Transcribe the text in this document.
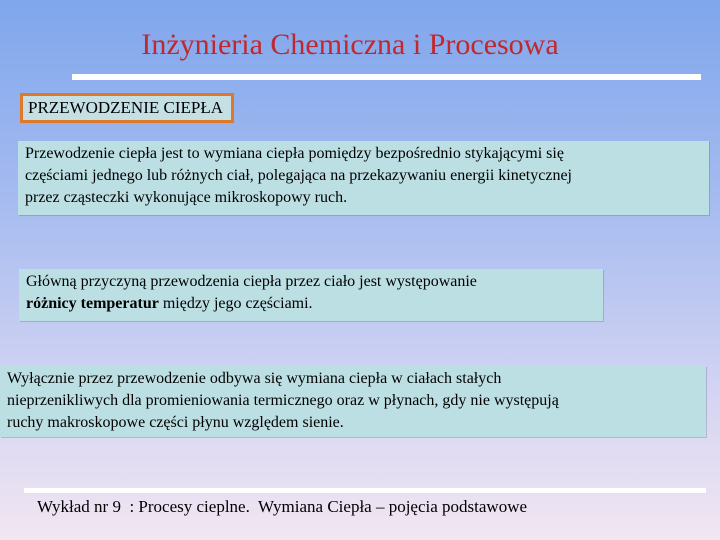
Inżynieria Chemiczna i Procesowa
PRZEWODZENIE CIEPŁA
Przewodzenie ciepła jest to wymiana ciepła pomiędzy bezpośrednio stykającymi się
częściami jednego lub różnych ciał, polegająca na przekazywaniu energii kinetycznej
przez cząsteczki wykonujące mikroskopowy ruch.
Główną przyczyną przewodzenia ciepła przez ciało jest występowanie
różnicy temperatur między jego częściami.
Wyłącznie przez przewodzenie odbywa się wymiana ciepła w ciałach stałych
nieprzenikliwych dla promieniowania termicznego oraz w płynach, gdy nie występują
ruchy makroskopowe części płynu względem sienie.
Wykład nr 9  : Procesy cieplne.  Wymiana Ciepła – pojęcia podstawowe
